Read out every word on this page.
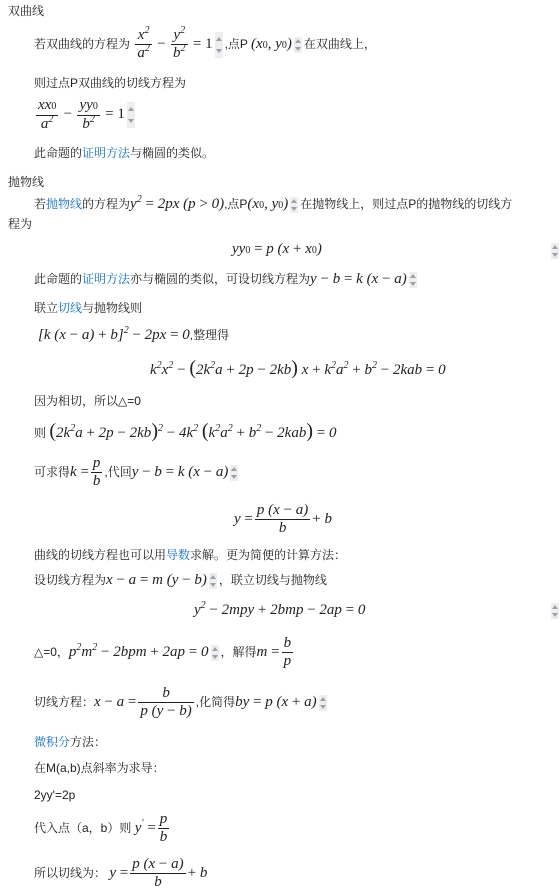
双曲线
若双曲线的方程为 $\frac{x^2}{a^2} - \frac{y^2}{b^2} = 1$ ,点P (x0, y0) 在双曲线上，
则过点P双曲线的切线方程为
$\frac{xx0}{a^2} - \frac{yy0}{b^2} = 1$
此命题的证明方法与椭圆的类似。
抛物线
若抛物线的方程为$y^2 = 2px$ (p > 0),点P(x0, y0) 在抛物线上，则过点P的抛物线的切线方
程为
yy0 = p (x + x0)
此命题的证明方法亦与椭圆的类似，可设切线方程为y − b = k (x − a)
联立切线与抛物线则
[k (x − a) + b]$^2$ − 2px = 0,整理得
$k^2x^2 - (2k^2a + 2p - 2kb) x + k^2a^2 + b^2 - 2kab = 0$
因为相切，所以△=0
则 $(2k^2a + 2p - 2kb)^2 - 4k^2$ $(k^2a^2 + b^2 - 2kab) = 0$
可求得$k = \frac{p}{b}$ ,代回y − b = k (x − a)
$y = \frac{p (x - a)}{b} + b$
曲线的切线方程也可以用导数求解。更为简便的计算方法：
设切线方程为x − a = m (y − b) ，联立切线与抛物线
$y^2 - 2mpy + 2bmp - 2ap = 0$
△=0，$p^2m^2 - 2bpm + 2ap = 0$ ，解得$m = \frac{b}{p}$
切线方程：$x - a = \frac{b}{p (y - b)}$ ,化简得by = p (x + a)
微积分方法：
在M(a,b)点斜率为求导：
2yy'=2p
代入点（a，b）则 $y' = \frac{p}{b}$
所以切线为： $y = \frac{p (x - a)}{b} + b$
